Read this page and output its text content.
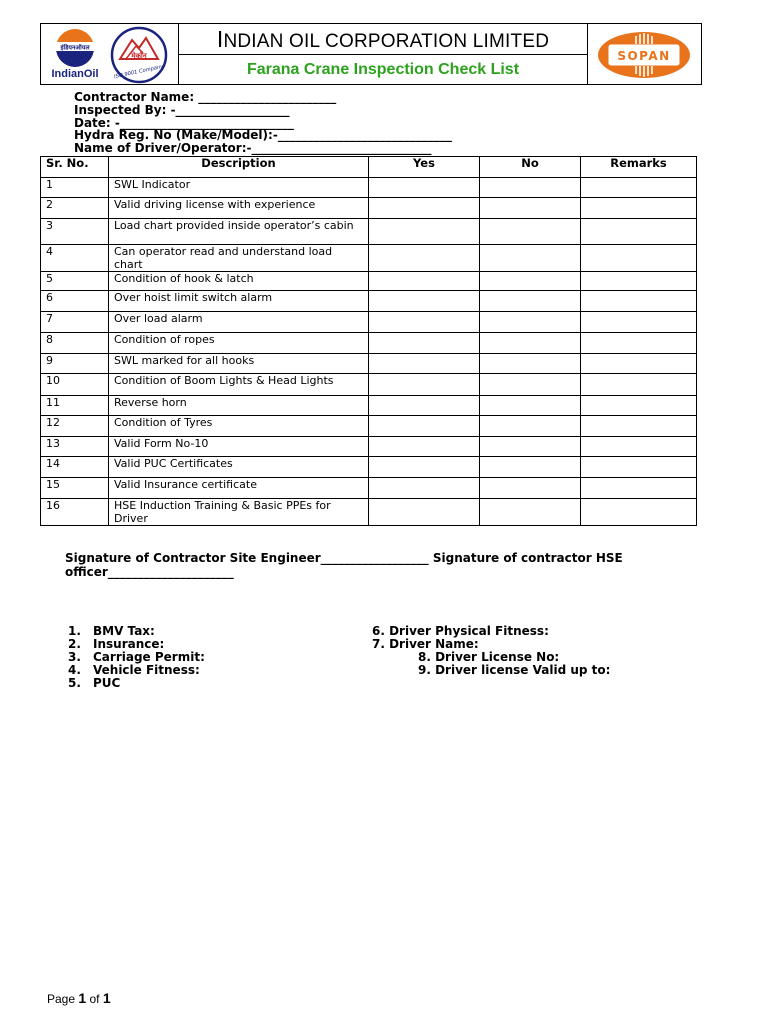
इंडियनऑयल
IndianOil
मेकॉन
ISO 9001 Company
INDIAN OIL CORPORATION LIMITED
Farana Crane Inspection Check List
SOPAN
Contractor Name: _______________________
Inspected By: -___________________
Date: -_____________________________
Hydra Reg. No (Make/Model):-_____________________________
Name of Driver/Operator:-______________________________
Sr. No.	Description	Yes	No	Remarks
1	SWL Indicator			
2	Valid driving license with experience			
3	Load chart provided inside operator’s cabin			
4	Can operator read and understand load chart			
5	Condition of hook & latch			
6	Over hoist limit switch alarm			
7	Over load alarm			
8	Condition of ropes			
9	SWL marked for all hooks			
10	Condition of Boom Lights & Head Lights			
11	Reverse horn			
12	Condition of Tyres			
13	Valid Form No-10			
14	Valid PUC Certificates			
15	Valid Insurance certificate			
16	HSE Induction Training & Basic PPEs for Driver			
Signature of Contractor Site Engineer__________________ Signature of contractor HSE officer_____________________
1.	BMV Tax:
2.	Insurance:
3.	Carriage Permit:
4.	Vehicle Fitness:
5.	PUC
6. Driver Physical Fitness:
7. Driver Name:
8. Driver License No:
9. Driver license Valid up to:
Page 1 of 1
